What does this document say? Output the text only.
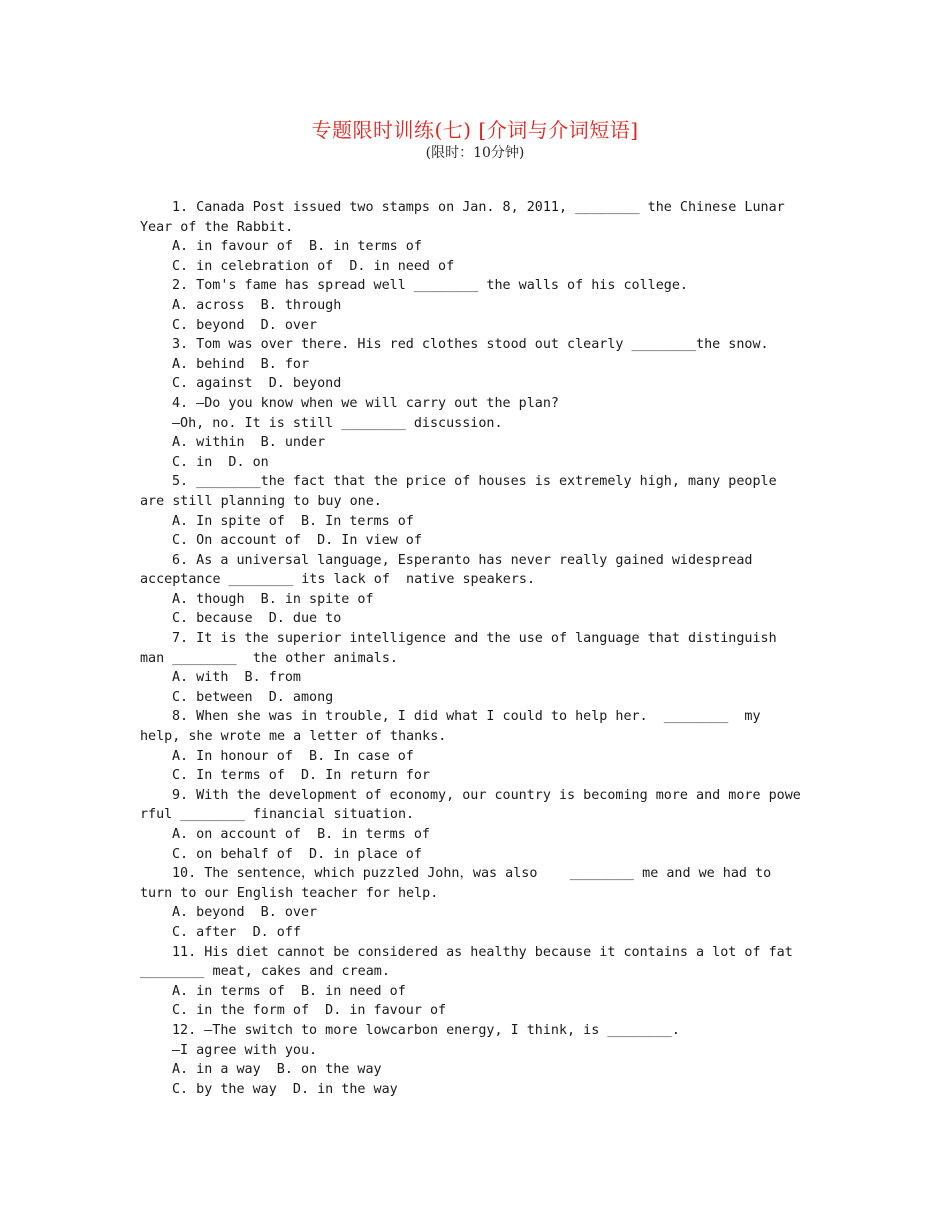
专题限时训练(七) [介词与介词短语]
(限时：10分钟)
1. Canada Post issued two stamps on Jan. 8, 2011, ________ the Chinese Lunar
Year of the Rabbit.
A. in favour of  B. in terms of
C. in celebration of  D. in need of
2. Tom's fame has spread well ________ the walls of his college.
A. across  B. through
C. beyond  D. over
3. Tom was over there. His red clothes stood out clearly ________the snow.
A. behind  B. for
C. against  D. beyond
4. —Do you know when we will carry out the plan?
—Oh, no. It is still ________ discussion.
A. within  B. under
C. in  D. on
5. ________the fact that the price of houses is extremely high, many people
are still planning to buy one.
A. In spite of  B. In terms of
C. On account of  D. In view of
6. As a universal language, Esperanto has never really gained widespread
acceptance ________ its lack of  native speakers.
A. though  B. in spite of
C. because  D. due to
7. It is the superior intelligence and the use of language that distinguish
man ________  the other animals.
A. with  B. from
C. between  D. among
8. When she was in trouble, I did what I could to help her.  ________  my
help, she wrote me a letter of thanks.
A. In honour of  B. In case of
C. In terms of  D. In return for
9. With the development of economy, our country is becoming more and more powe
rful ________ financial situation.
A. on account of  B. in terms of
C. on behalf of  D. in place of
10. The sentence，which puzzled John，was also    ________ me and we had to
turn to our English teacher for help.
A. beyond  B. over
C. after  D. off
11. His diet cannot be considered as healthy because it contains a lot of fat
________ meat, cakes and cream.
A. in terms of  B. in need of
C. in the form of  D. in favour of
12. —The switch to more lowcarbon energy, I think, is ________.
—I agree with you.
A. in a way  B. on the way
C. by the way  D. in the way
